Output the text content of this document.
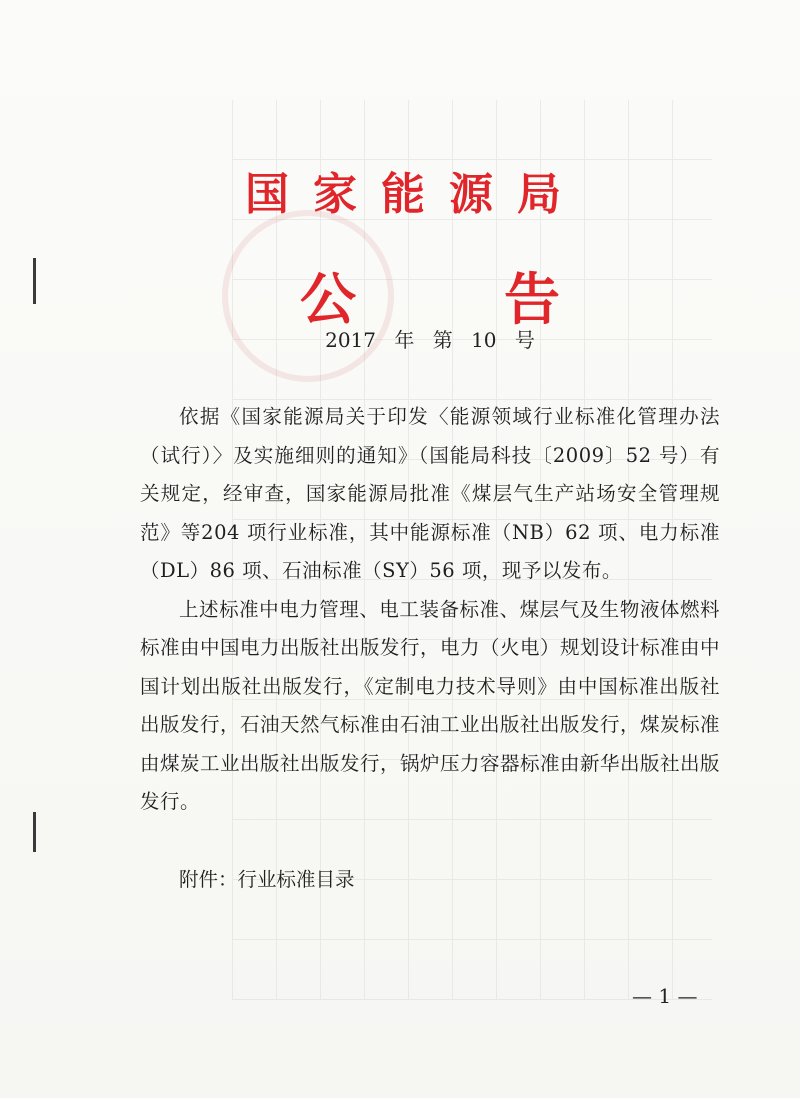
国家能源局
公	告
2017 年 第 10 号

依据《国家能源局关于印发〈能源领域行业标准化管理办法（试行）〉及实施细则的通知》（国能局科技〔2009〕52 号）有关规定，经审查，国家能源局批准《煤层气生产站场安全管理规范》等204 项行业标准，其中能源标准（NB）62 项、电力标准（DL）86 项、石油标准（SY）56 项，现予以发布。

上述标准中电力管理、电工装备标准、煤层气及生物液体燃料标准由中国电力出版社出版发行，电力（火电）规划设计标准由中国计划出版社出版发行，《定制电力技术导则》由中国标准出版社出版发行，石油天然气标准由石油工业出版社出版发行，煤炭标准由煤炭工业出版社出版发行，锅炉压力容器标准由新华出版社出版发行。

附件：行业标准目录
— 1 —
